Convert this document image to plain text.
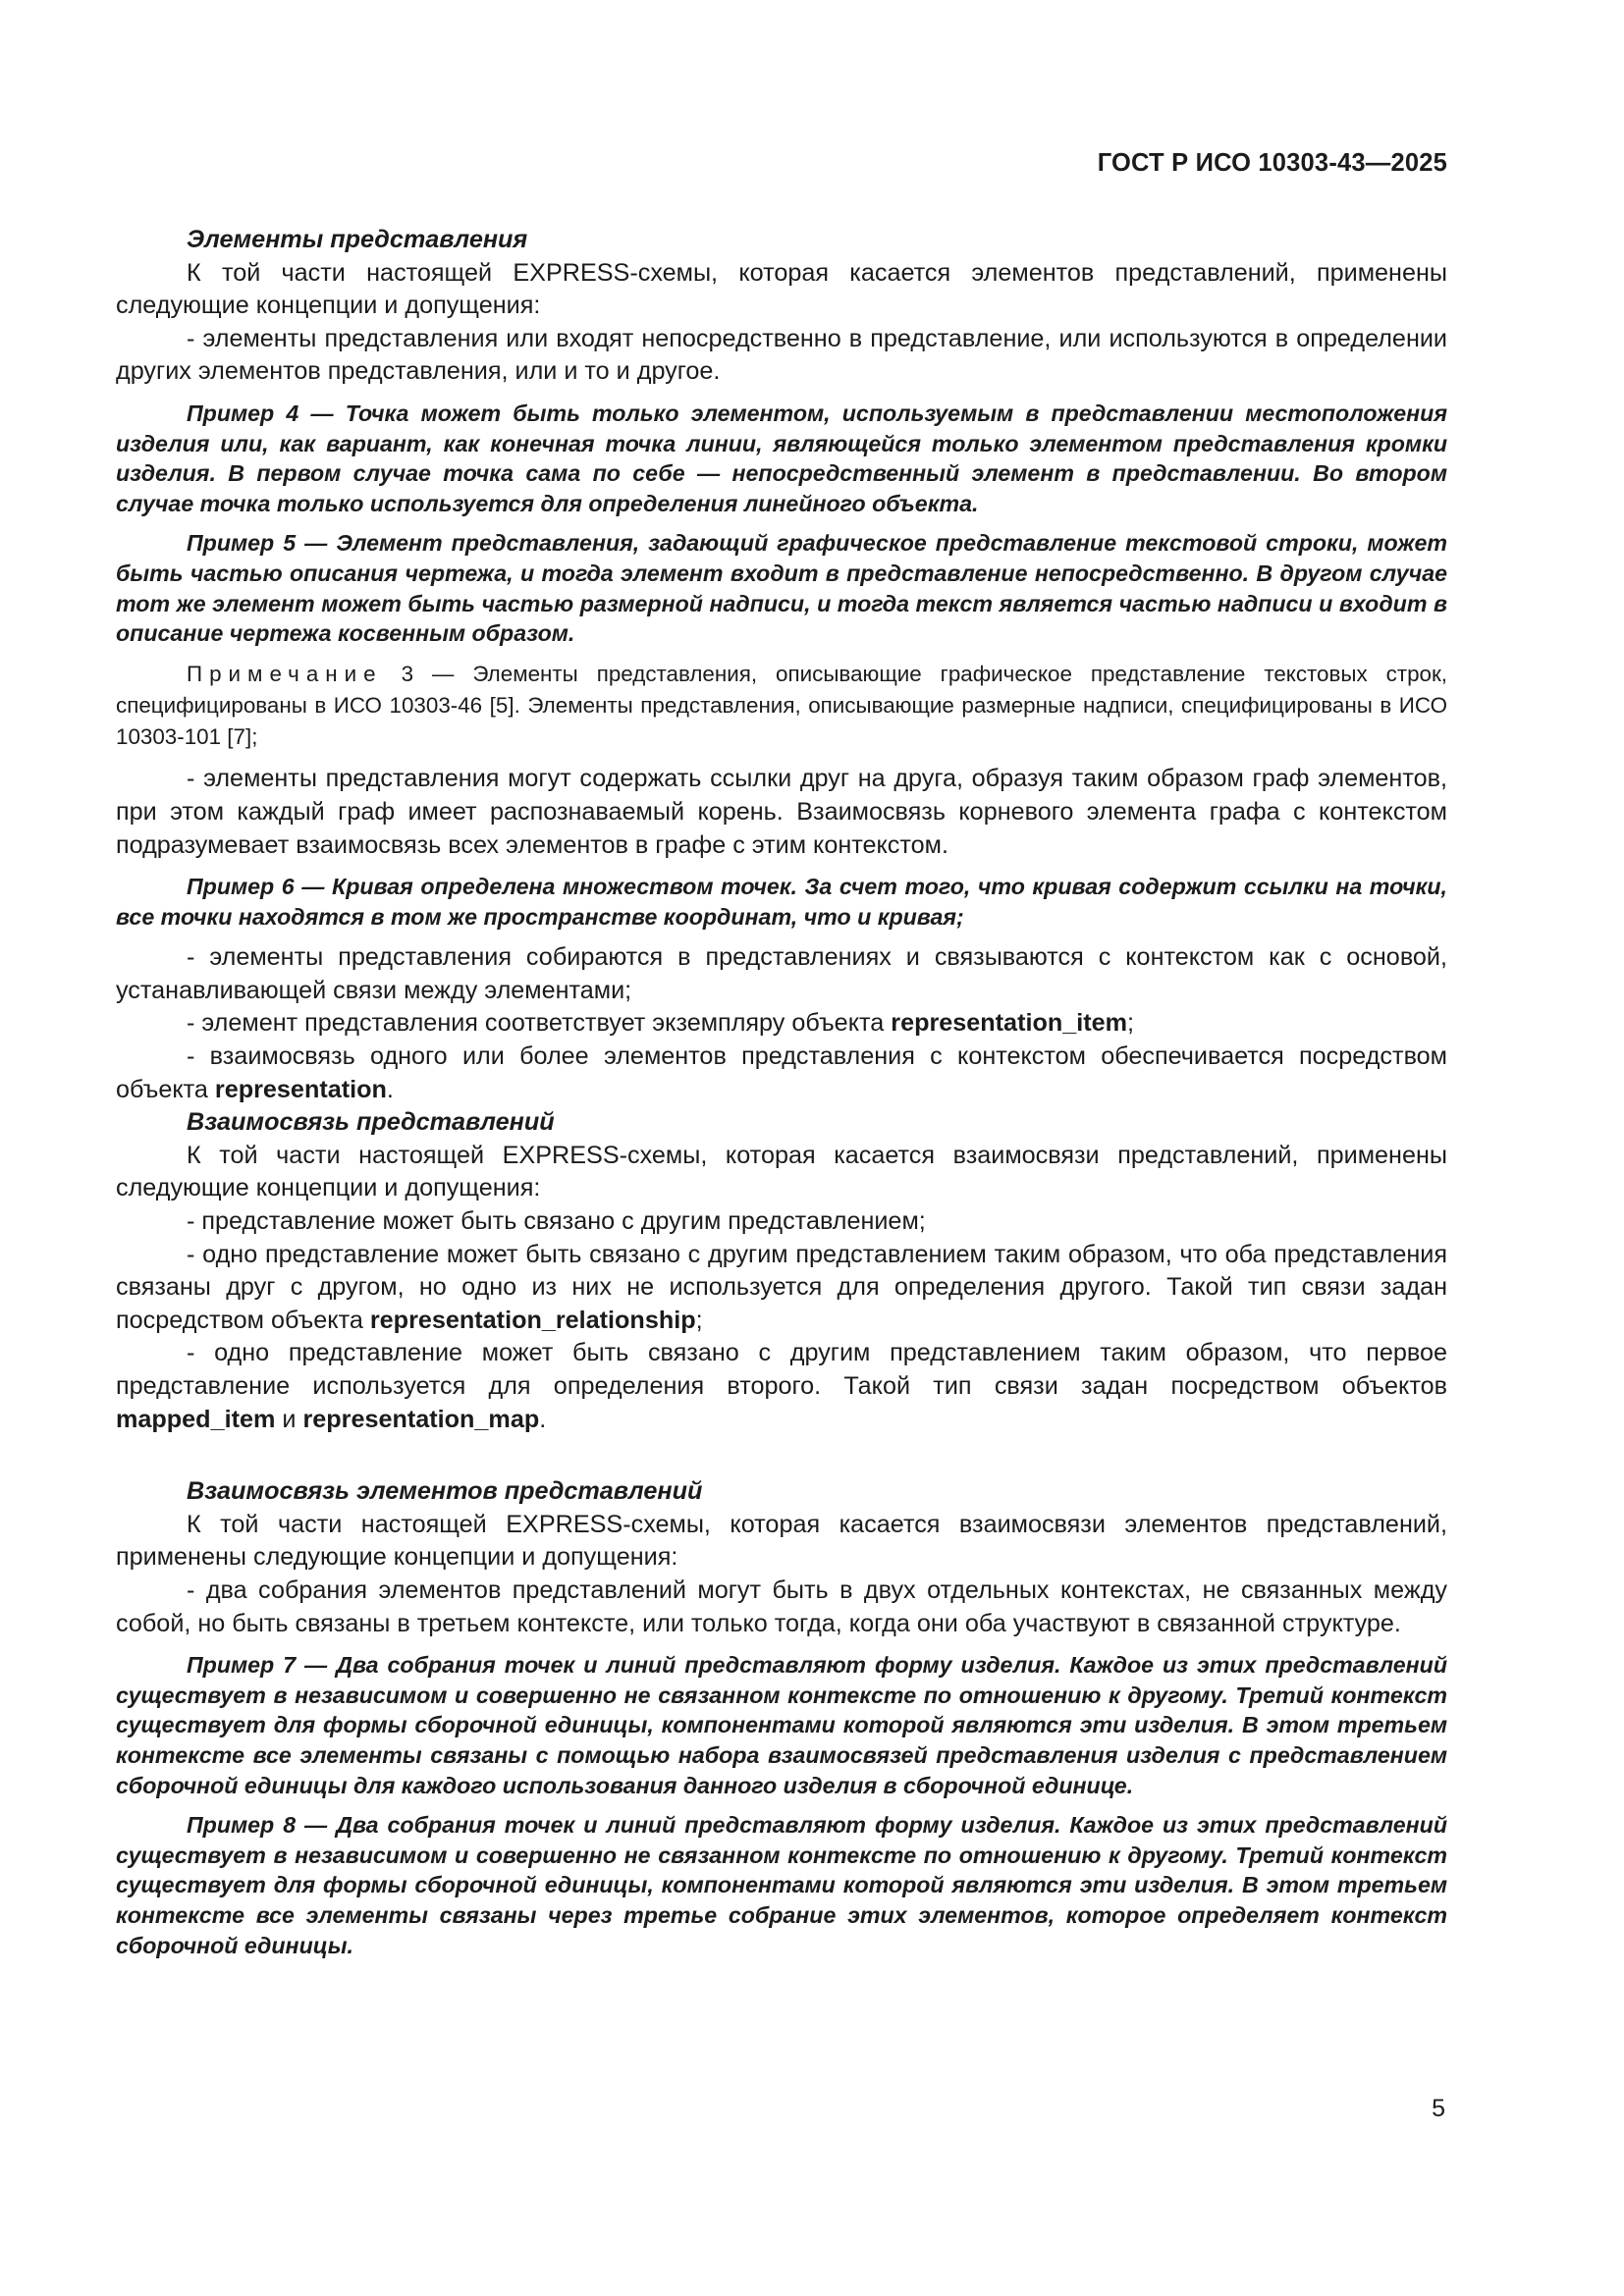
ГОСТ Р ИСО 10303-43—2025

Элементы представления

К той части настоящей EXPRESS-схемы, которая касается элементов представлений, применены следующие концепции и допущения:

- элементы представления или входят непосредственно в представление, или используются в определении других элементов представления, или и то и другое.

Пример 4 — Точка может быть только элементом, используемым в представлении местоположения изделия или, как вариант, как конечная точка линии, являющейся только элементом представления кромки изделия. В первом случае точка сама по себе — непосредственный элемент в представлении. Во втором случае точка только используется для определения линейного объекта.

Пример 5 — Элемент представления, задающий графическое представление текстовой строки, может быть частью описания чертежа, и тогда элемент входит в представление непосредственно. В другом случае тот же элемент может быть частью размерной надписи, и тогда текст является частью надписи и входит в описание чертежа косвенным образом.

Примечание 3 — Элементы представления, описывающие графическое представление текстовых строк, специфицированы в ИСО 10303-46 [5]. Элементы представления, описывающие размерные надписи, специфицированы в ИСО 10303-101 [7];

- элементы представления могут содержать ссылки друг на друга, образуя таким образом граф элементов, при этом каждый граф имеет распознаваемый корень. Взаимосвязь корневого элемента графа с контекстом подразумевает взаимосвязь всех элементов в графе с этим контекстом.

Пример 6 — Кривая определена множеством точек. За счет того, что кривая содержит ссылки на точки, все точки находятся в том же пространстве координат, что и кривая;

- элементы представления собираются в представлениях и связываются с контекстом как с основой, устанавливающей связи между элементами;

- элемент представления соответствует экземпляру объекта representation_item;

- взаимосвязь одного или более элементов представления с контекстом обеспечивается посредством объекта representation.

Взаимосвязь представлений

К той части настоящей EXPRESS-схемы, которая касается взаимосвязи представлений, применены следующие концепции и допущения:

- представление может быть связано с другим представлением;

- одно представление может быть связано с другим представлением таким образом, что оба представления связаны друг с другом, но одно из них не используется для определения другого. Такой тип связи задан посредством объекта representation_relationship;

- одно представление может быть связано с другим представлением таким образом, что первое представление используется для определения второго. Такой тип связи задан посредством объектов mapped_item и representation_map.

Взаимосвязь элементов представлений

К той части настоящей EXPRESS-схемы, которая касается взаимосвязи элементов представлений, применены следующие концепции и допущения:

- два собрания элементов представлений могут быть в двух отдельных контекстах, не связанных между собой, но быть связаны в третьем контексте, или только тогда, когда они оба участвуют в связанной структуре.

Пример 7 — Два собрания точек и линий представляют форму изделия. Каждое из этих представлений существует в независимом и совершенно не связанном контексте по отношению к другому. Третий контекст существует для формы сборочной единицы, компонентами которой являются эти изделия. В этом третьем контексте все элементы связаны с помощью набора взаимосвязей представления изделия с представлением сборочной единицы для каждого использования данного изделия в сборочной единице.

Пример 8 — Два собрания точек и линий представляют форму изделия. Каждое из этих представлений существует в независимом и совершенно не связанном контексте по отношению к другому. Третий контекст существует для формы сборочной единицы, компонентами которой являются эти изделия. В этом третьем контексте все элементы связаны через третье собрание этих элементов, которое определяет контекст сборочной единицы.

5
